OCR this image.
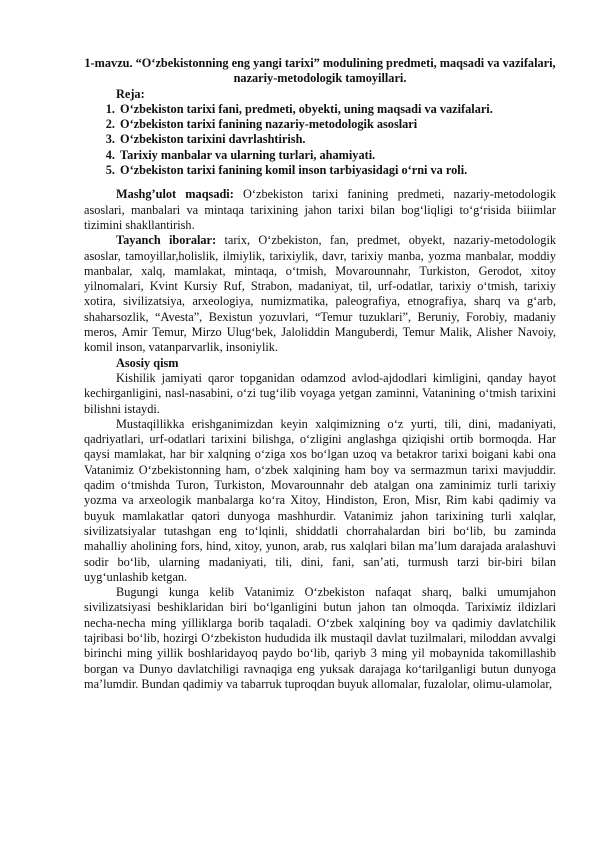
1-mavzu. “O‘zbekistonning eng yangi tarixi” modulining predmeti, maqsadi va vazifalari, nazariy-metodologik tamoyillari.
Reja:
1. O‘zbekiston tarixi fani, predmeti, obyekti, uning maqsadi va vazifalari.
2. O‘zbekiston tarixi fanining nazariy-metodologik asoslari
3. O‘zbekiston tarixini davrlashtirish.
4. Tarixiy manbalar va ularning turlari, ahamiyati.
5. O‘zbekiston tarixi fanining komil inson tarbiyasidagi o‘rni va roli.

Mashg’ulot maqsadi: O‘zbekiston tarixi fanining predmeti, nazariy-metodologik asoslari, manbalari va mintaqa tarixining jahon tarixi bilan bog‘liqligi to‘g‘risida biiimlar tizimini shakllantirish.

Tayanch iboralar: tarix, O‘zbekiston, fan, predmet, obyekt, nazariy-metodologik asoslar, tamoyillar,holislik, ilmiylik, tarixiylik, davr, tarixiy manba, yozma manbalar, moddiy manbalar, xalq, mamlakat, mintaqa, o‘tmish, Movarounnahr, Turkiston, Gerodot, xitoy yilnomalari, Kvint Kursiy Ruf, Strabon, madaniyat, til, urf-odatlar, tarixiy o‘tmish, tarixiy xotira, sivilizatsiya, arxeologiya, numizmatika, paleografiya, etnografiya, sharq va g‘arb, shaharsozlik, “Avesta”, Bexistun yozuvlari, “Temur tuzuklari”, Beruniy, Forobiy, madaniy meros, Amir Temur, Mirzo Ulug‘bek, Jaloliddin Manguberdi, Temur Malik, Alisher Navoiy, komil inson, vatanparvarlik, insoniylik.

Asosiy qism

Kishilik jamiyati qaror topganidan odamzod avlod-ajdodlari kimligini, qanday hayot kechirganligini, nasl-nasabini, o‘zi tug‘ilib voyaga yetgan zaminni, Vatanining o‘tmish tarixini bilishni istaydi.

Mustaqillikka erishganimizdan keyin xalqimizning o‘z yurti, tili, dini, madaniyati, qadriyatlari, urf-odatlari tarixini bilishga, o‘zligini anglashga qiziqishi ortib bormoqda. Har qaysi mamlakat, har bir xalqning o‘ziga xos bo‘lgan uzoq va betakror tarixi boigani kabi ona Vatanimiz O‘zbekistonning ham, o‘zbek xalqining ham boy va sermazmun tarixi mavjuddir. qadim o‘tmishda Turon, Turkiston, Movarounnahr deb atalgan ona zaminimiz turli tarixiy yozma va arxeologik manbalarga ko‘ra Xitoy, Hindiston, Eron, Misr, Rim kabi qadimiy va buyuk mamlakatlar qatori dunyoga mashhurdir. Vatanimiz jahon tarixining turli xalqlar, sivilizatsiyalar tutashgan eng to‘lqinli, shiddatli chorrahalardan biri bo‘lib, bu zaminda mahalliy aholining fors, hind, xitoy, yunon, arab, rus xalqlari bilan ma’lum darajada aralashuvi sodir bo‘lib, ularning madaniyati, tili, dini, fani, san’ati, turmush tarzi bir-biri bilan uyg‘unlashib ketgan.

Bugungi kunga kelib Vatanimiz O‘zbekiston nafaqat sharq, balki umumjahon sivilizatsiyasi beshiklaridan biri bo‘lganligini butun jahon tan olmoqda. Tarixiмiz ildizlari necha-necha ming yilliklarga borib taqaladi. O‘zbek xalqining boy va qadimiy davlatchilik tajribasi bo‘lib, hozirgi O‘zbekiston hududida ilk mustaqil davlat tuzilmalari, miloddan avvalgi birinchi ming yillik boshlaridayoq paydo bo‘lib, qariyb 3 ming yil mobaynida takomillashib borgan va Dunyo davlatchiligi ravnaqiga eng yuksak darajaga ko‘tarilganligi butun dunyoga ma’lumdir. Bundan qadimiy va tabarruk tuproqdan buyuk allomalar, fuzalolar, olimu-ulamolar,
